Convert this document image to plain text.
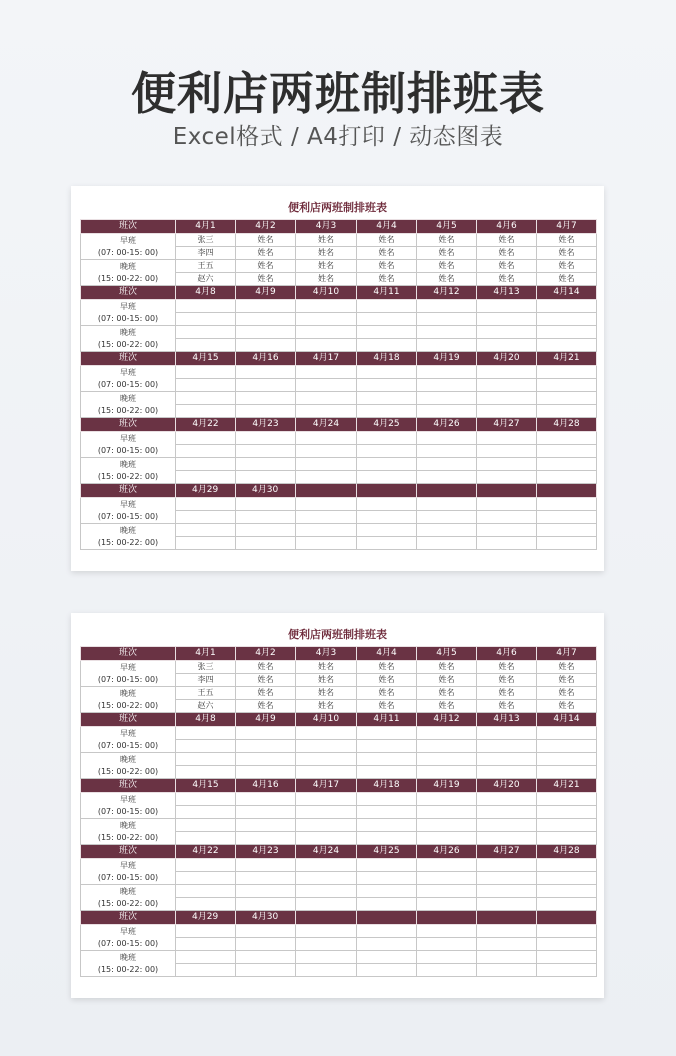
便利店两班制排班表
Excel格式 / A4打印 / 动态图表
便利店两班制排班表
班次	4月1	4月2	4月3	4月4	4月5	4月6	4月7

早班
(07: 00-15: 00)	张三	姓名	姓名	姓名	姓名	姓名	姓名
	李四	姓名	姓名	姓名	姓名	姓名	姓名

晚班
(15: 00-22: 00)	王五	姓名	姓名	姓名	姓名	姓名	姓名
	赵六	姓名	姓名	姓名	姓名	姓名	姓名
班次	4月8	4月9	4月10	4月11	4月12	4月13	4月14

早班
(07: 00-15: 00)							

晚班
(15: 00-22: 00)							

班次	4月15	4月16	4月17	4月18	4月19	4月20	4月21

早班
(07: 00-15: 00)							

晚班
(15: 00-22: 00)							

班次	4月22	4月23	4月24	4月25	4月26	4月27	4月28

早班
(07: 00-15: 00)							

晚班
(15: 00-22: 00)							

班次	4月29	4月30					

早班
(07: 00-15: 00)							

晚班
(15: 00-22: 00)							

便利店两班制排班表
班次	4月1	4月2	4月3	4月4	4月5	4月6	4月7

早班
(07: 00-15: 00)	张三	姓名	姓名	姓名	姓名	姓名	姓名
	李四	姓名	姓名	姓名	姓名	姓名	姓名

晚班
(15: 00-22: 00)	王五	姓名	姓名	姓名	姓名	姓名	姓名
	赵六	姓名	姓名	姓名	姓名	姓名	姓名
班次	4月8	4月9	4月10	4月11	4月12	4月13	4月14

早班
(07: 00-15: 00)							

晚班
(15: 00-22: 00)							

班次	4月15	4月16	4月17	4月18	4月19	4月20	4月21

早班
(07: 00-15: 00)							

晚班
(15: 00-22: 00)							

班次	4月22	4月23	4月24	4月25	4月26	4月27	4月28

早班
(07: 00-15: 00)							

晚班
(15: 00-22: 00)							

班次	4月29	4月30					

早班
(07: 00-15: 00)							

晚班
(15: 00-22: 00)							
